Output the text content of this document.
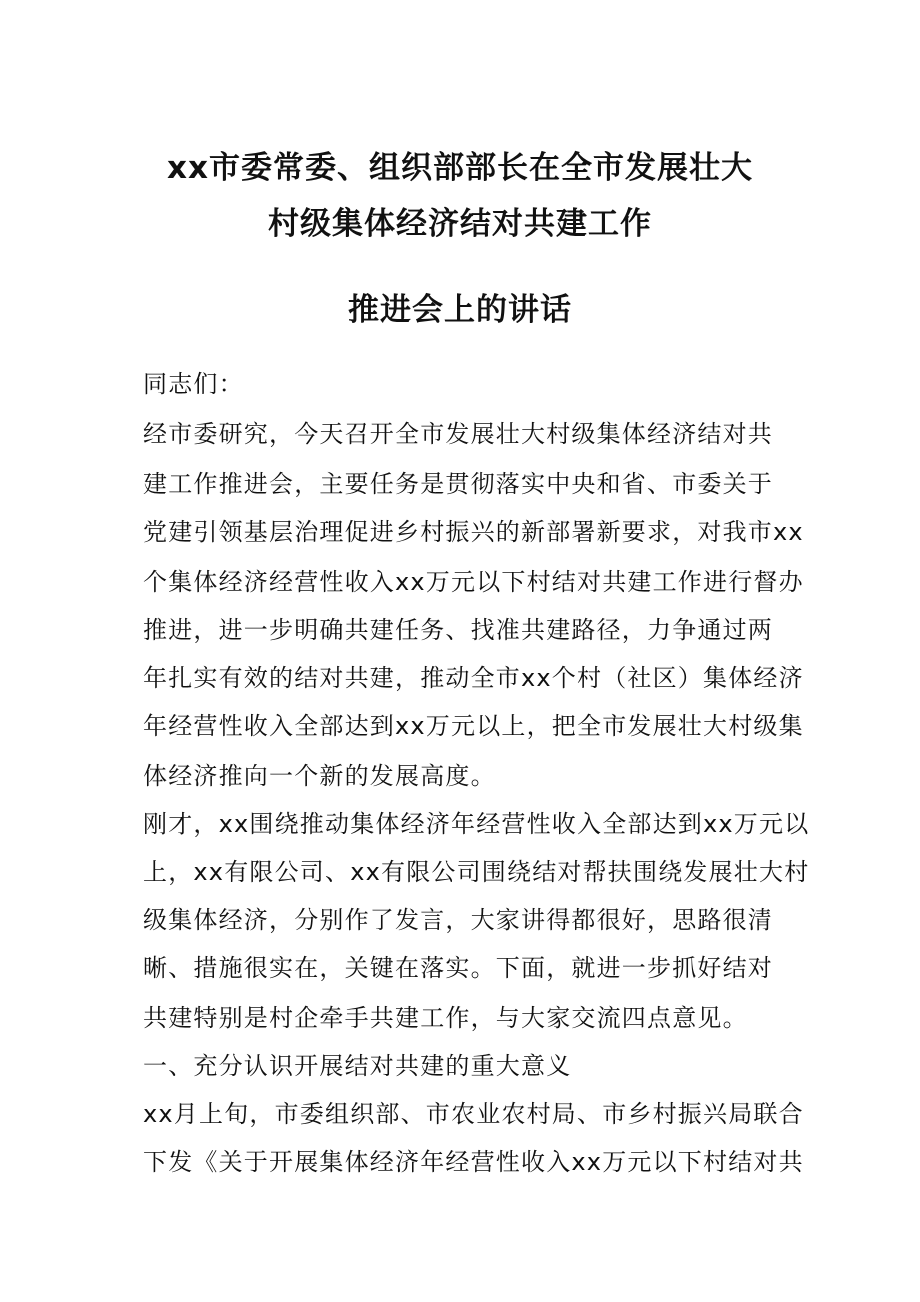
xx市委常委、组织部部长在全市发展壮大
村级集体经济结对共建工作
推进会上的讲话
同志们：
经市委研究，今天召开全市发展壮大村级集体经济结对共
建工作推进会，主要任务是贯彻落实中央和省、市委关于
党建引领基层治理促进乡村振兴的新部署新要求，对我市xx
个集体经济经营性收入xx万元以下村结对共建工作进行督办
推进，进一步明确共建任务、找准共建路径，力争通过两
年扎实有效的结对共建，推动全市xx个村（社区）集体经济
年经营性收入全部达到xx万元以上，把全市发展壮大村级集
体经济推向一个新的发展高度。
刚才，xx围绕推动集体经济年经营性收入全部达到xx万元以
上，xx有限公司、xx有限公司围绕结对帮扶围绕发展壮大村
级集体经济，分别作了发言，大家讲得都很好，思路很清
晰、措施很实在，关键在落实。下面，就进一步抓好结对
共建特别是村企牵手共建工作，与大家交流四点意见。
一、充分认识开展结对共建的重大意义
xx月上旬，市委组织部、市农业农村局、市乡村振兴局联合
下发《关于开展集体经济年经营性收入xx万元以下村结对共
